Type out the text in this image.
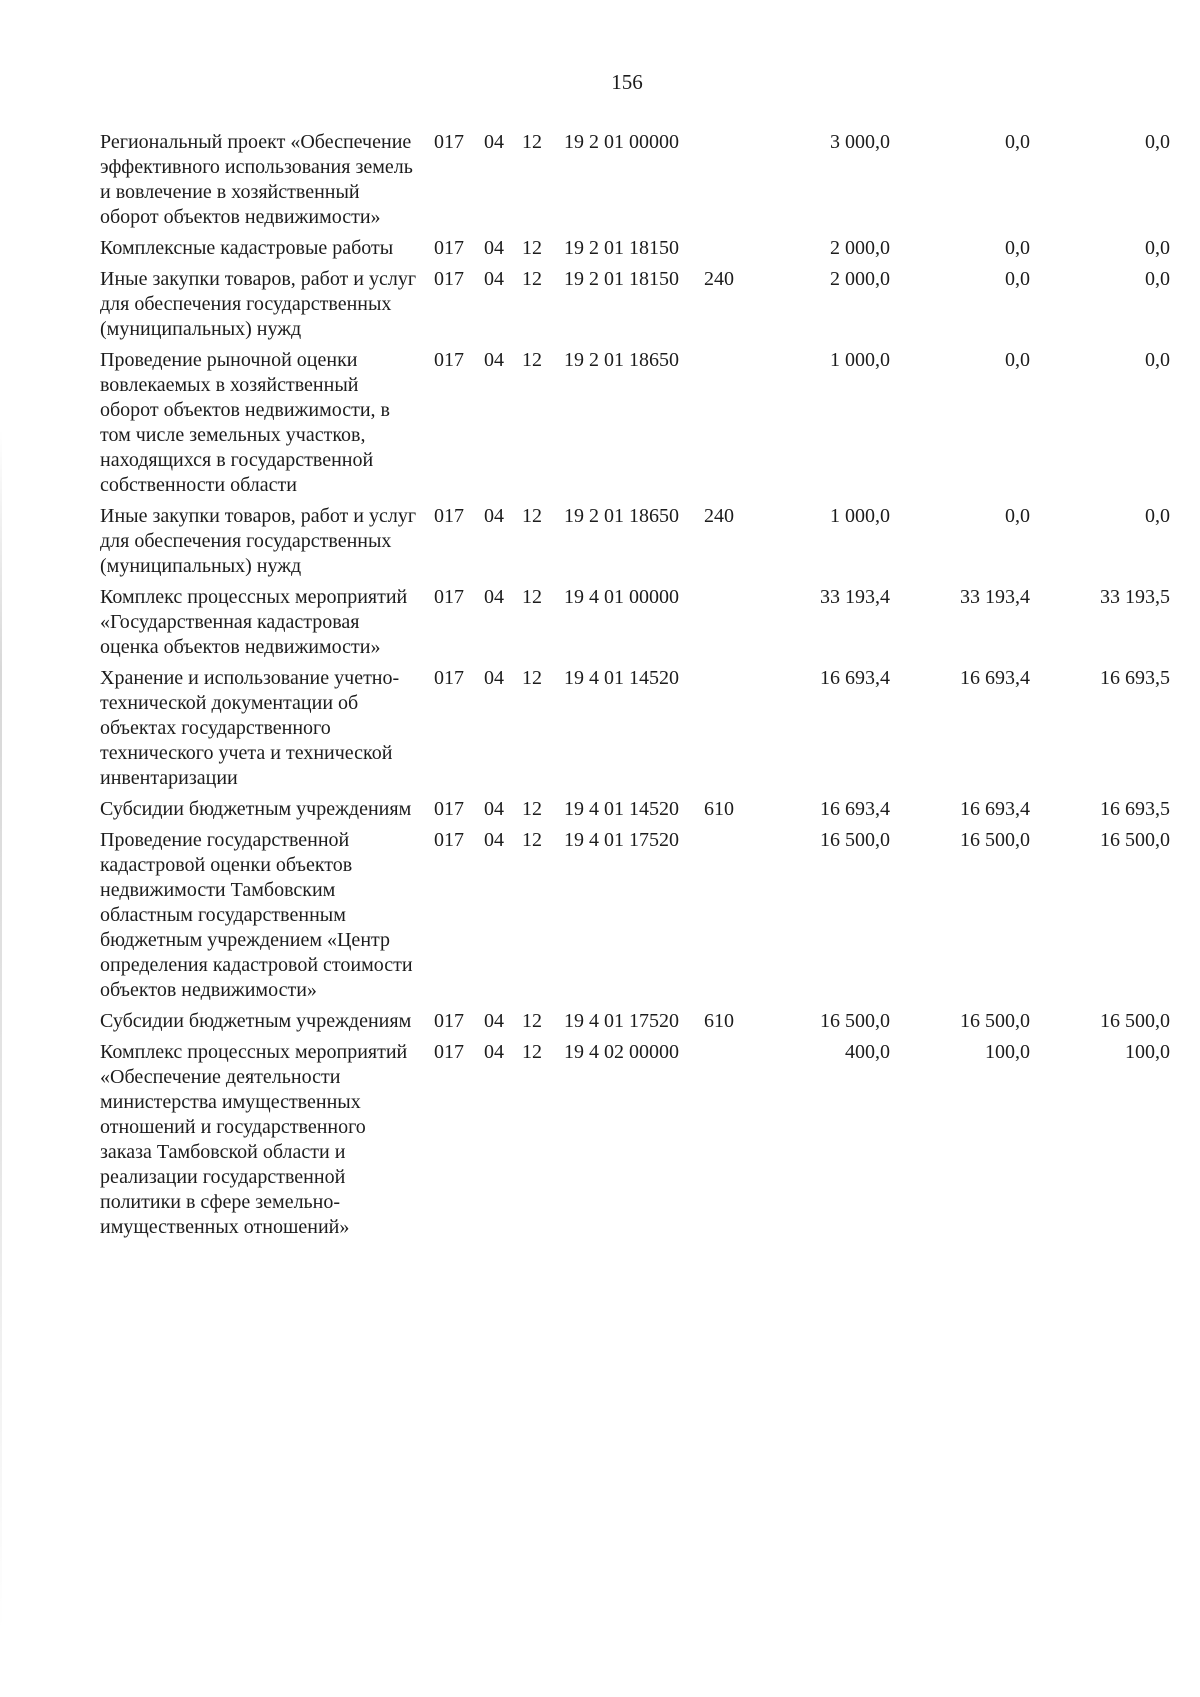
156
Региональный проект «Обеспечение эффективного использования земель и вовлечение в хозяйственный оборот объектов недвижимости»	017	04	12	19 2 01 00000		3 000,0	0,0	0,0
Комплексные кадастровые работы	017	04	12	19 2 01 18150		2 000,0	0,0	0,0
Иные закупки товаров, работ и услуг для обеспечения государственных (муниципальных) нужд	017	04	12	19 2 01 18150	240	2 000,0	0,0	0,0
Проведение рыночной оценки вовлекаемых в хозяйственный оборот объектов недвижимости, в том числе земельных участков, находящихся в государственной собственности области	017	04	12	19 2 01 18650		1 000,0	0,0	0,0
Иные закупки товаров, работ и услуг для обеспечения государственных (муниципальных) нужд	017	04	12	19 2 01 18650	240	1 000,0	0,0	0,0
Комплекс процессных мероприятий «Государственная кадастровая оценка объектов недвижимости»	017	04	12	19 4 01 00000		33 193,4	33 193,4	33 193,5
Хранение и использование учетно-технической документации об объектах государственного технического учета и технической инвентаризации	017	04	12	19 4 01 14520		16 693,4	16 693,4	16 693,5
Субсидии бюджетным учреждениям	017	04	12	19 4 01 14520	610	16 693,4	16 693,4	16 693,5
Проведение государственной кадастровой оценки объектов недвижимости Тамбовским областным государственным бюджетным учреждением «Центр определения кадастровой стоимости объектов недвижимости»	017	04	12	19 4 01 17520		16 500,0	16 500,0	16 500,0
Субсидии бюджетным учреждениям	017	04	12	19 4 01 17520	610	16 500,0	16 500,0	16 500,0
Комплекс процессных мероприятий «Обеспечение деятельности министерства имущественных отношений и государственного заказа Тамбовской области и реализации государственной политики в сфере земельно-имущественных отношений»	017	04	12	19 4 02 00000		400,0	100,0	100,0
